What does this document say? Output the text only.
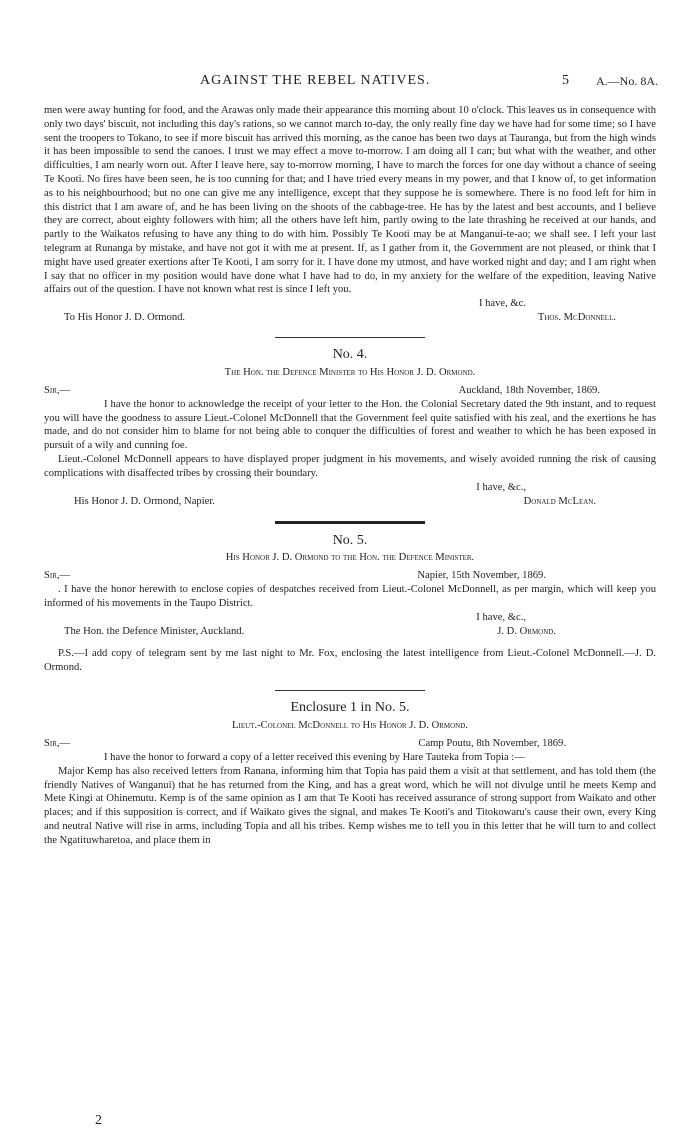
AGAINST THE REBEL NATIVES.	5 A.—No. 8A.

men were away hunting for food, and the Arawas only made their appearance this morning about 10 o'clock. This leaves us in consequence with only two days' biscuit, not including this day's rations, so we cannot march to-day, the only really fine day we have had for some time; so I have sent the troopers to Tokano, to see if more biscuit has arrived this morning, as the canoe has been two days at Tauranga, but from the high winds it has been impossible to send the canoes. I trust we may effect a move to-morrow. I am doing all I can; but what with the weather, and other difficulties, I am nearly worn out. After I leave here, say to-morrow morning, I have to march the forces for one day without a chance of seeing Te Kooti. No fires have been seen, he is too cunning for that; and I have tried every means in my power, and that I know of, to get information as to his neighbourhood; but no one can give me any intelligence, except that they suppose he is somewhere. There is no food left for him in this district that I am aware of, and he has been living on the shoots of the cabbage-tree. He has by the latest and best accounts, and I believe they are correct, about eighty followers with him; all the others have left him, partly owing to the late thrashing he received at our hands, and partly to the Waikatos refusing to have any thing to do with him. Possibly Te Kooti may be at Manganui-te-ao; we shall see. I left your last telegram at Runanga by mistake, and have not got it with me at present. If, as I gather from it, the Government are not pleased, or think that I might have used greater exertions after Te Kooti, I am sorry for it. I have done my utmost, and have worked night and day; and I am right when I say that no officer in my position would have done what I have had to do, in my anxiety for the welfare of the expedition, leaving Native affairs out of the question. I have not known what rest is since I left you.

I have, &c.
To His Honor J. D. Ormond.	Thos. McDonnell.
No. 4.
The Hon. the Defence Minister to His Honor J. D. Ormond.
Sir,—	Auckland, 18th November, 1869.

I have the honor to acknowledge the receipt of your letter to the Hon. the Colonial Secretary dated the 9th instant, and to request you will have the goodness to assure Lieut.-Colonel McDonnell that the Government feel quite satisfied with his zeal, and the exertions he has made, and do not consider him to blame for not being able to conquer the difficulties of forest and weather to which he has been exposed in pursuit of a wily and cunning foe.

Lieut.-Colonel McDonnell appears to have displayed proper judgment in his movements, and wisely avoided running the risk of causing complications with disaffected tribes by crossing their boundary.

I have, &c.,
His Honor J. D. Ormond, Napier.	Donald McLean.
No. 5.
His Honor J. D. Ormond to the Hon. the Defence Minister.
Sir,—	Napier, 15th November, 1869.

. I have the honor herewith to enclose copies of despatches received from Lieut.-Colonel McDonnell, as per margin, which will keep you informed of his movements in the Taupo District.

I have, &c.,
The Hon. the Defence Minister, Auckland.	J. D. Ormond.

P.S.—I add copy of telegram sent by me last night to Mr. Fox, enclosing the latest intelligence from Lieut.-Colonel McDonnell.—J. D. Ormond.

Enclosure 1 in No. 5.
Lieut.-Colonel McDonnell to His Honor J. D. Ormond.
Sir,—	Camp Poutu, 8th November, 1869.

I have the honor to forward a copy of a letter received this evening by Hare Tauteka from Topia :—

Major Kemp has also received letters from Ranana, informing him that Topia has paid them a visit at that settlement, and has told them (the friendly Natives of Wanganui) that he has returned from the King, and has a great word, which he will not divulge until he meets Kemp and Mete Kingi at Ohinemutu. Kemp is of the same opinion as I am that Te Kooti has received assurance of strong support from Waikato and other places; and if this supposition is correct, and if Waikato gives the signal, and makes Te Kooti's and Titokowaru's cause their own, every King and neutral Native will rise in arms, including Topia and all his tribes. Kemp wishes me to tell you in this letter that he will turn to and collect the Ngatituwharetoa, and place them in

2
